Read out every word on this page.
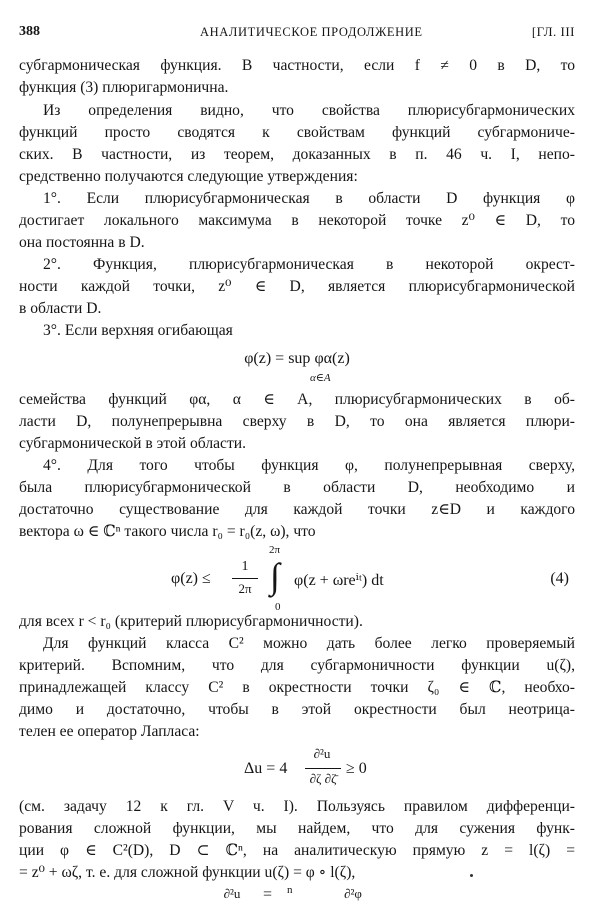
388	АНАЛИТИЧЕСКОЕ ПРОДОЛЖЕНИЕ	[ГЛ. III
субгармоническая функция. В частности, если f ≠ 0 в D, то
функция (3) плюригармонична.
Из определения видно, что свойства плюрисубгармонических
функций просто сводятся к свойствам функций субгармониче-
ских. В частности, из теорем, доказанных в п. 46 ч. I, непо-
средственно получаются следующие утверждения:
1°. Если плюрисубгармоническая в области D функция φ
достигает локального максимума в некоторой точке z⁰ ∈ D, то
она постоянна в D.
2°. Функция, плюрисубгармоническая в некоторой окрест-
ности каждой точки, z⁰ ∈ D, является плюрисубгармонической
в области D.
3°. Если верхняя огибающая
φ(z) = sup φα(z)
α∈A
семейства функций φα, α ∈ A, плюрисубгармонических в об-
ласти D, полунепрерывна сверху в D, то она является плюри-
субгармонической в этой области.
4°. Для того чтобы функция φ, полунепрерывная сверху,
была плюрисубгармонической в области D, необходимо и
достаточно существование для каждой точки z∈D и каждого
вектора ω ∈ ℂⁿ такого числа r₀ = r₀(z, ω), что
φ(z) ≤
1
2π
2π
∫
0
φ(z + ωreⁱᵗ) dt	(4)
для всех r < r₀ (критерий плюрисубгармоничности).
Для функций класса C² можно дать более легко проверяемый
критерий. Вспомним, что для субгармоничности функции u(ζ),
принадлежащей классу C² в окрестности точки ζ₀ ∈ ℂ, необхо-
димо и достаточно, чтобы в этой окрестности был неотрица-
телен ее оператор Лапласа:
Δu = 4
∂²u
∂ζ ∂ζ̄
≥ 0
(см. задачу 12 к гл. V ч. I). Пользуясь правилом дифференци-
рования сложной функции, мы найдем, что для сужения функ-
ции φ ∈ C²(D), D ⊂ ℂⁿ, на аналитическую прямую z = l(ζ) =
= z⁰ + ωζ, т. е. для сложной функции u(ζ) = φ ∘ l(ζ),
∂²u	= n	∂²φ
